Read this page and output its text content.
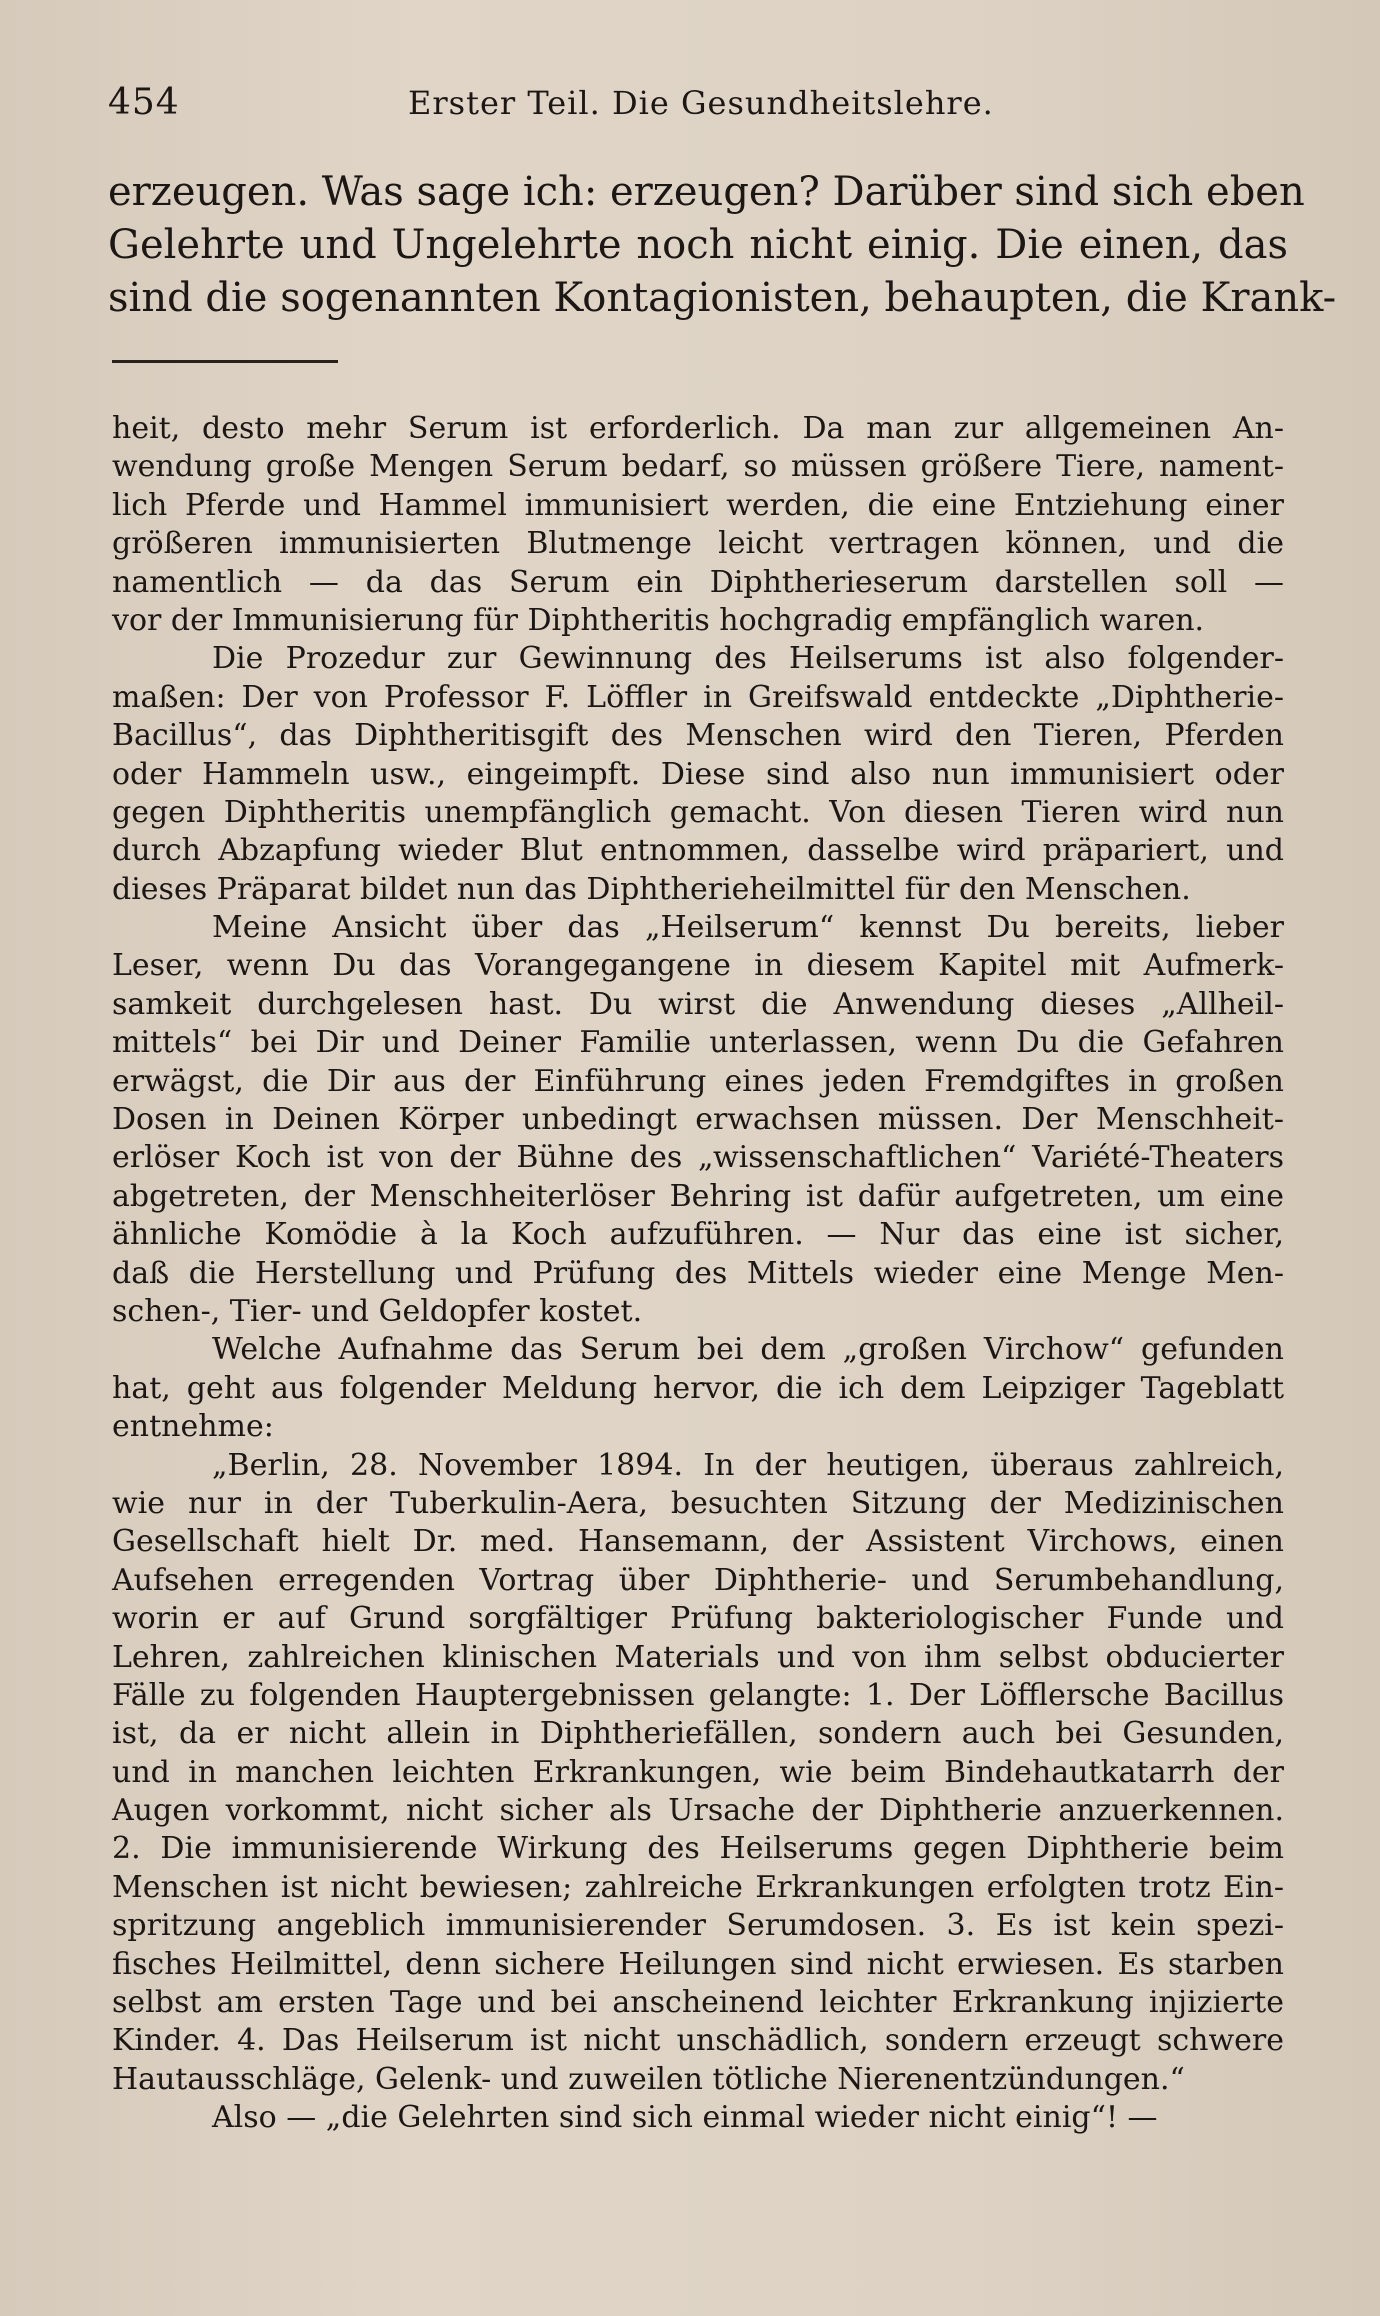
454	Erster Teil. Die Gesundheitslehre.
erzeugen. Was sage ich: erzeugen? Darüber sind sich eben
Gelehrte und Ungelehrte noch nicht einig. Die einen, das
sind die sogenannten Kontagionisten, behaupten, die Krank-
heit, desto mehr Serum ist erforderlich. Da man zur allgemeinen An-
wendung große Mengen Serum bedarf, so müssen größere Tiere, nament-
lich Pferde und Hammel immunisiert werden, die eine Entziehung einer
größeren immunisierten Blutmenge leicht vertragen können, und die
namentlich — da das Serum ein Diphtherieserum darstellen soll —
vor der Immunisierung für Diphtheritis hochgradig empfänglich waren.
Die Prozedur zur Gewinnung des Heilserums ist also folgender-
maßen: Der von Professor F. Löffler in Greifswald entdeckte „Diphtherie-
Bacillus“, das Diphtheritisgift des Menschen wird den Tieren, Pferden
oder Hammeln usw., eingeimpft. Diese sind also nun immunisiert oder
gegen Diphtheritis unempfänglich gemacht. Von diesen Tieren wird nun
durch Abzapfung wieder Blut entnommen, dasselbe wird präpariert, und
dieses Präparat bildet nun das Diphtherieheilmittel für den Menschen.
Meine Ansicht über das „Heilserum“ kennst Du bereits, lieber
Leser, wenn Du das Vorangegangene in diesem Kapitel mit Aufmerk-
samkeit durchgelesen hast. Du wirst die Anwendung dieses „Allheil-
mittels“ bei Dir und Deiner Familie unterlassen, wenn Du die Gefahren
erwägst, die Dir aus der Einführung eines jeden Fremdgiftes in großen
Dosen in Deinen Körper unbedingt erwachsen müssen. Der Menschheit-
erlöser Koch ist von der Bühne des „wissenschaftlichen“ Variété-Theaters
abgetreten, der Menschheiterlöser Behring ist dafür aufgetreten, um eine
ähnliche Komödie à la Koch aufzuführen. — Nur das eine ist sicher,
daß die Herstellung und Prüfung des Mittels wieder eine Menge Men-
schen-, Tier- und Geldopfer kostet.
Welche Aufnahme das Serum bei dem „großen Virchow“ gefunden
hat, geht aus folgender Meldung hervor, die ich dem Leipziger Tageblatt
entnehme:
„Berlin, 28. November 1894. In der heutigen, überaus zahlreich,
wie nur in der Tuberkulin-Aera, besuchten Sitzung der Medizinischen
Gesellschaft hielt Dr. med. Hansemann, der Assistent Virchows, einen
Aufsehen erregenden Vortrag über Diphtherie- und Serumbehandlung,
worin er auf Grund sorgfältiger Prüfung bakteriologischer Funde und
Lehren, zahlreichen klinischen Materials und von ihm selbst obducierter
Fälle zu folgenden Hauptergebnissen gelangte: 1. Der Löfflersche Bacillus
ist, da er nicht allein in Diphtheriefällen, sondern auch bei Gesunden,
und in manchen leichten Erkrankungen, wie beim Bindehautkatarrh der
Augen vorkommt, nicht sicher als Ursache der Diphtherie anzuerkennen.
2. Die immunisierende Wirkung des Heilserums gegen Diphtherie beim
Menschen ist nicht bewiesen; zahlreiche Erkrankungen erfolgten trotz Ein-
spritzung angeblich immunisierender Serumdosen. 3. Es ist kein spezi-
fisches Heilmittel, denn sichere Heilungen sind nicht erwiesen. Es starben
selbst am ersten Tage und bei anscheinend leichter Erkrankung injizierte
Kinder. 4. Das Heilserum ist nicht unschädlich, sondern erzeugt schwere
Hautausschläge, Gelenk- und zuweilen tötliche Nierenentzündungen.“
Also — „die Gelehrten sind sich einmal wieder nicht einig“! —
